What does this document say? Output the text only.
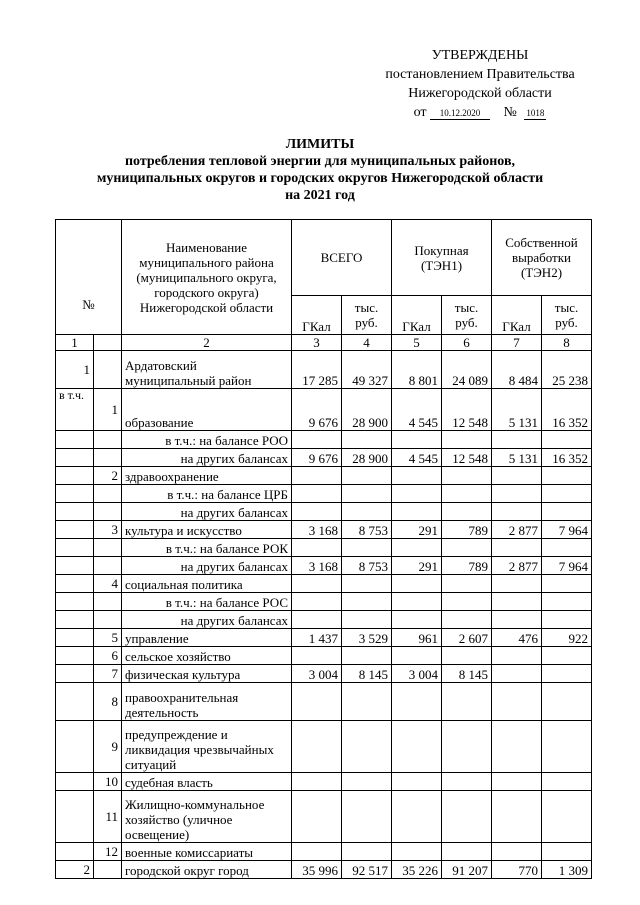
УТВЕРЖДЕНЫ
постановлением Правительства
Нижегородской области
от 10.12.2020 № 1018
ЛИМИТЫ
потребления тепловой энергии для муниципальных районов,
муниципальных округов и городских округов Нижегородской области
на 2021 год
№		Наименование муниципального района (муниципального округа, городского округа) Нижегородской области	ВСЕГО		Покупная (ТЭН1)		Собственной выработки (ТЭН2)	
			ГКал	тыс. руб.	ГКал	тыс. руб.	ГКал	тыс. руб.
1		2	3	4	5	6	7	8
1		Ардатовский муниципальный район	17 285	49 327	8 801	24 089	8 484	25 238
в т.ч.	1	образование	9 676	28 900	4 545	12 548	5 131	16 352
		в т.ч.: на балансе РОО						
		на других балансах	9 676	28 900	4 545	12 548	5 131	16 352
	2	здравоохранение						
		в т.ч.: на балансе ЦРБ						
		на других балансах						
	3	культура и искусство	3 168	8 753	291	789	2 877	7 964
		в т.ч.: на балансе РОК						
		на других балансах	3 168	8 753	291	789	2 877	7 964
	4	социальная политика						
		в т.ч.: на балансе РОС						
		на других балансах						
	5	управление	1 437	3 529	961	2 607	476	922
	6	сельское хозяйство						
	7	физическая культура	3 004	8 145	3 004	8 145		
	8	правоохранительная деятельность						
	9	предупреждение и ликвидация чрезвычайных ситуаций						
	10	судебная власть						
	11	Жилищно-коммунальное хозяйство (уличное освещение)						
	12	военные комиссариаты						
2		городской округ город	35 996	92 517	35 226	91 207	770	1 309
